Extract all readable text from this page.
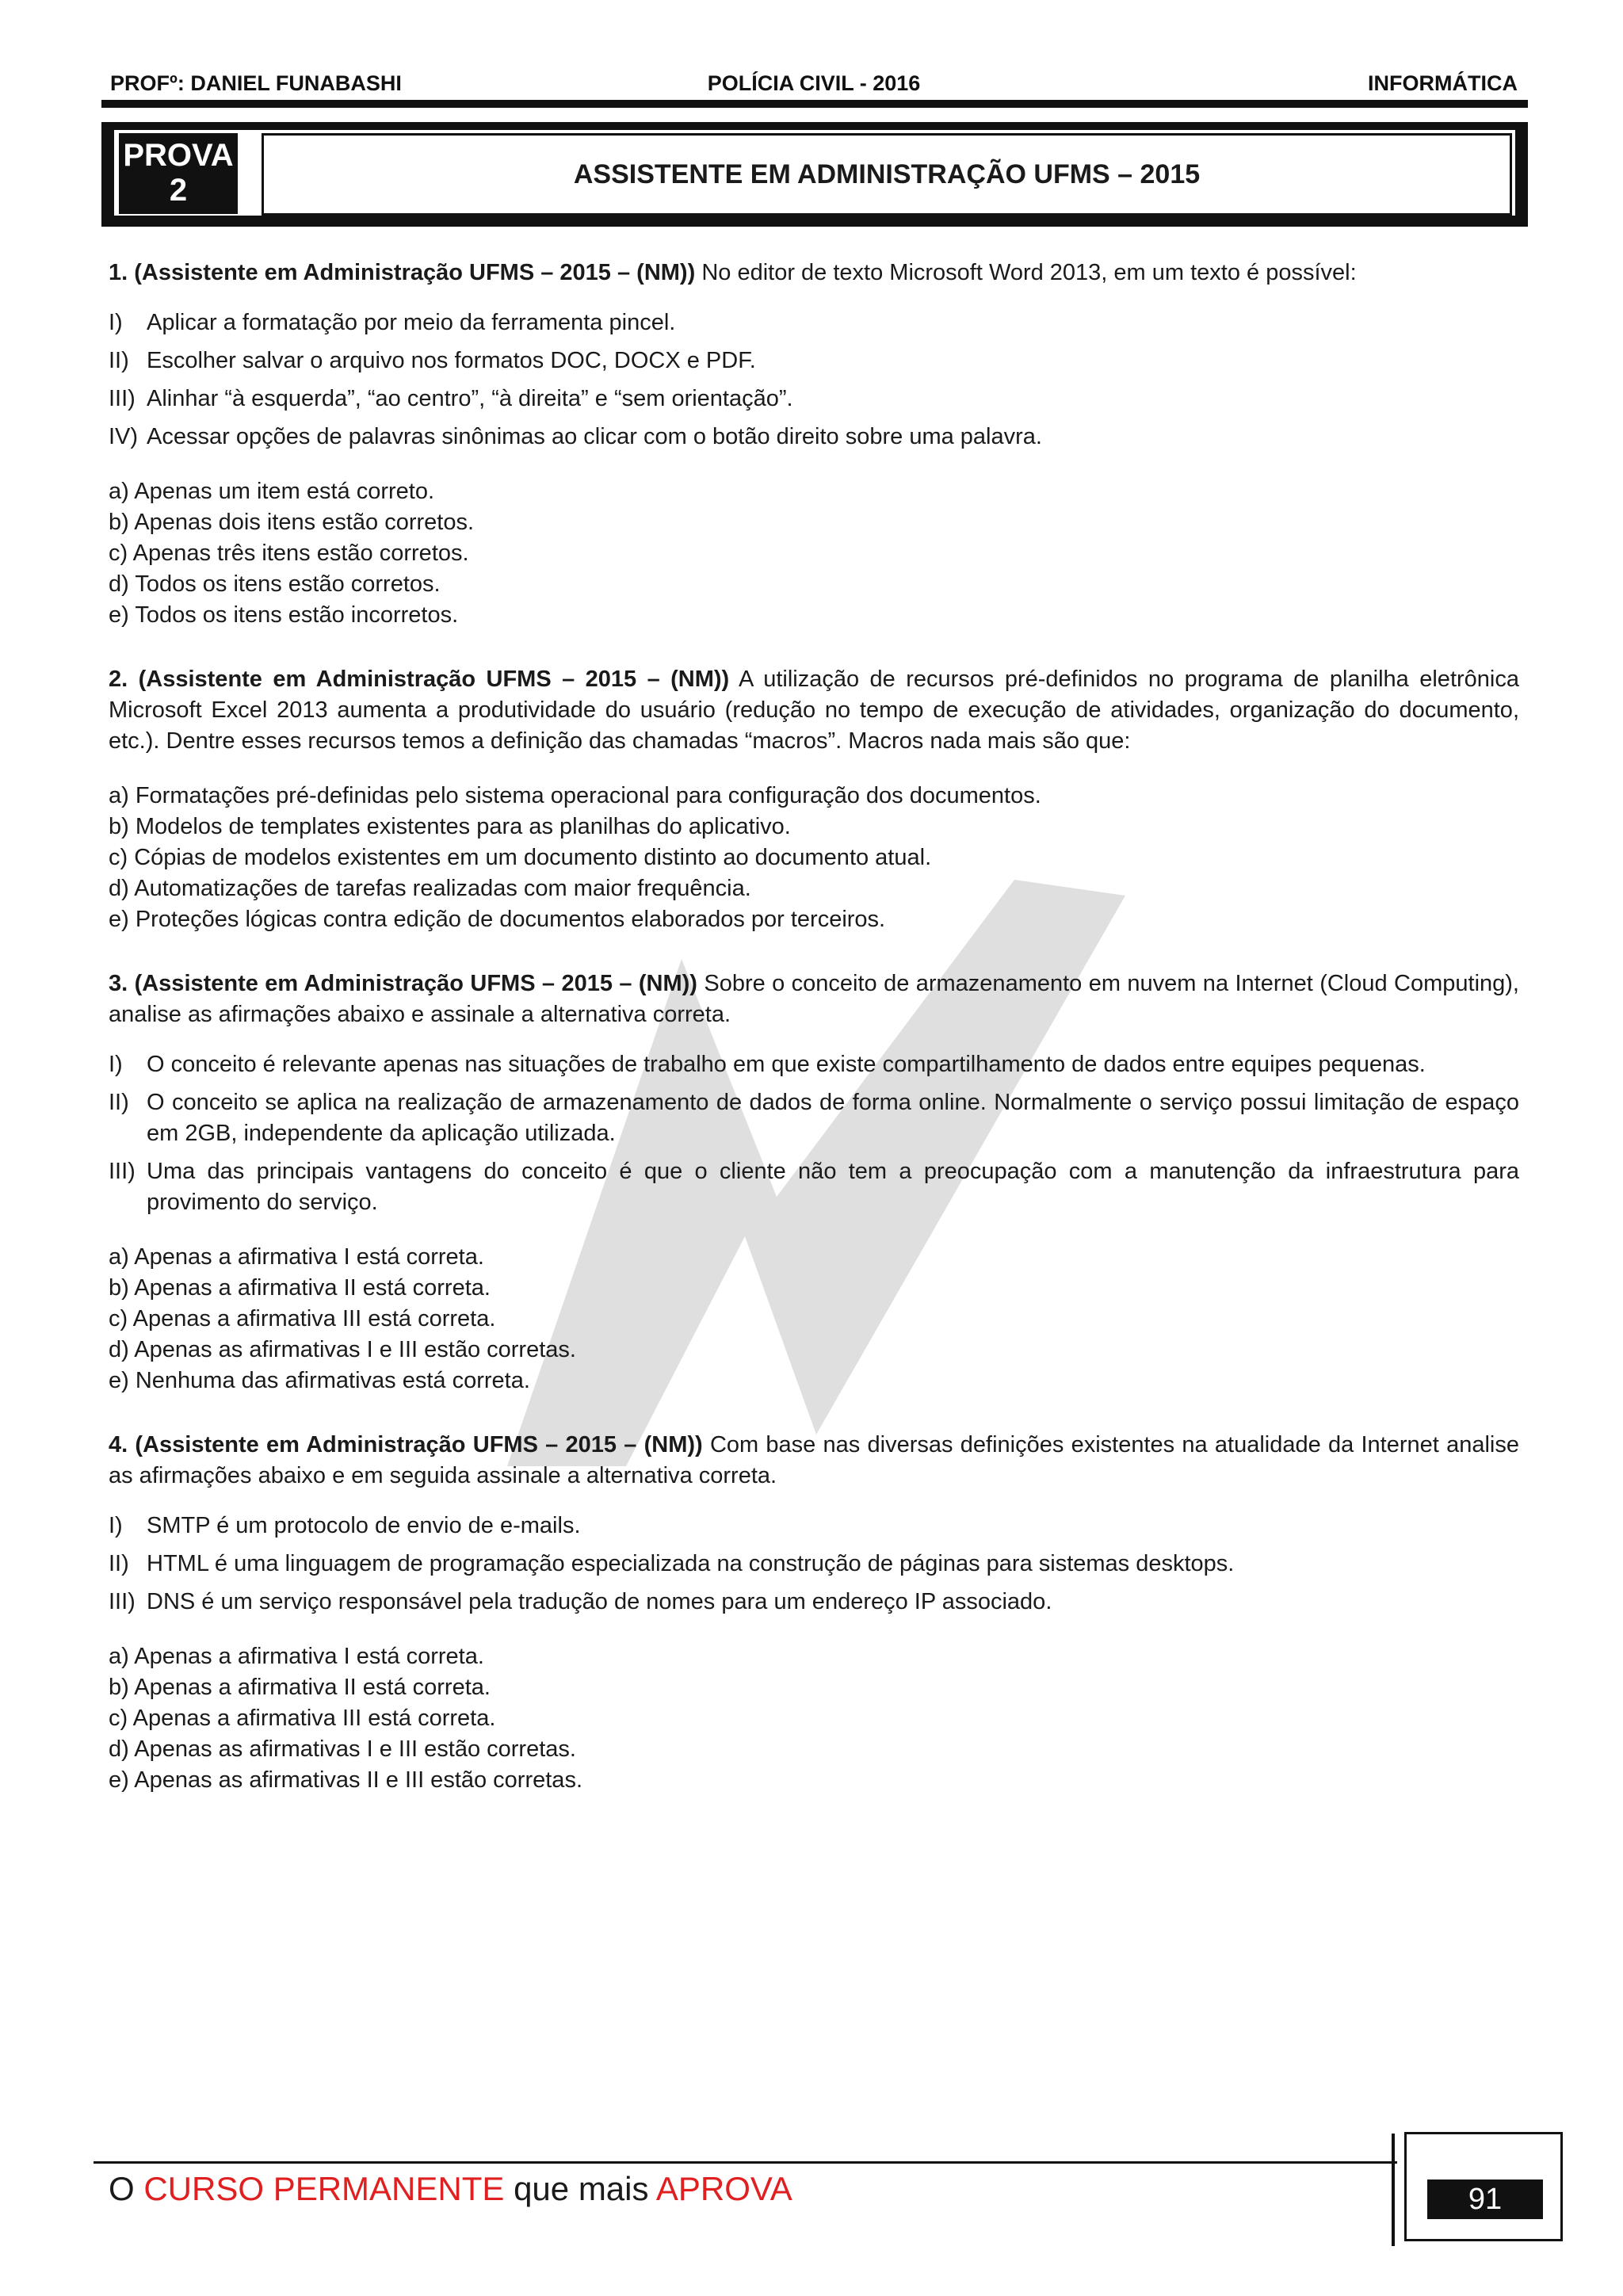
PROFº: DANIEL FUNABASHI	POLÍCIA CIVIL - 2016	INFORMÁTICA
PROVA
2	ASSISTENTE EM ADMINISTRAÇÃO UFMS – 2015

1. (Assistente em Administração UFMS – 2015 – (NM)) No editor de texto Microsoft Word 2013, em um texto é possível:

I) Aplicar a formatação por meio da ferramenta pincel.
II) Escolher salvar o arquivo nos formatos DOC, DOCX e PDF.
III) Alinhar “à esquerda”, “ao centro”, “à direita” e “sem orientação”.
IV) Acessar opções de palavras sinônimas ao clicar com o botão direito sobre uma palavra.
a) Apenas um item está correto.
b) Apenas dois itens estão corretos.
c) Apenas três itens estão corretos.
d) Todos os itens estão corretos.
e) Todos os itens estão incorretos.

2. (Assistente em Administração UFMS – 2015 – (NM)) A utilização de recursos pré-definidos no programa de planilha eletrônica Microsoft Excel 2013 aumenta a produtividade do usuário (redução no tempo de execução de atividades, organização do documento, etc.). Dentre esses recursos temos a definição das chamadas “macros”. Macros nada mais são que:

a) Formatações pré-definidas pelo sistema operacional para configuração dos documentos.
b) Modelos de templates existentes para as planilhas do aplicativo.
c) Cópias de modelos existentes em um documento distinto ao documento atual.
d) Automatizações de tarefas realizadas com maior frequência.
e) Proteções lógicas contra edição de documentos elaborados por terceiros.

3. (Assistente em Administração UFMS – 2015 – (NM)) Sobre o conceito de armazenamento em nuvem na Internet (Cloud Computing), analise as afirmações abaixo e assinale a alternativa correta.

I) O conceito é relevante apenas nas situações de trabalho em que existe compartilhamento de dados entre equipes pequenas.
II) O conceito se aplica na realização de armazenamento de dados de forma online. Normalmente o serviço possui limitação de espaço em 2GB, independente da aplicação utilizada.
III) Uma das principais vantagens do conceito é que o cliente não tem a preocupação com a manutenção da infraestrutura para provimento do serviço.
a) Apenas a afirmativa I está correta.
b) Apenas a afirmativa II está correta.
c) Apenas a afirmativa III está correta.
d) Apenas as afirmativas I e III estão corretas.
e) Nenhuma das afirmativas está correta.

4. (Assistente em Administração UFMS – 2015 – (NM)) Com base nas diversas definições existentes na atualidade da Internet analise as afirmações abaixo e em seguida assinale a alternativa correta.

I) SMTP é um protocolo de envio de e-mails.
II) HTML é uma linguagem de programação especializada na construção de páginas para sistemas desktops.
III) DNS é um serviço responsável pela tradução de nomes para um endereço IP associado.
a) Apenas a afirmativa I está correta.
b) Apenas a afirmativa II está correta.
c) Apenas a afirmativa III está correta.
d) Apenas as afirmativas I e III estão corretas.
e) Apenas as afirmativas II e III estão corretas.
91
O CURSO PERMANENTE que mais APROVA
